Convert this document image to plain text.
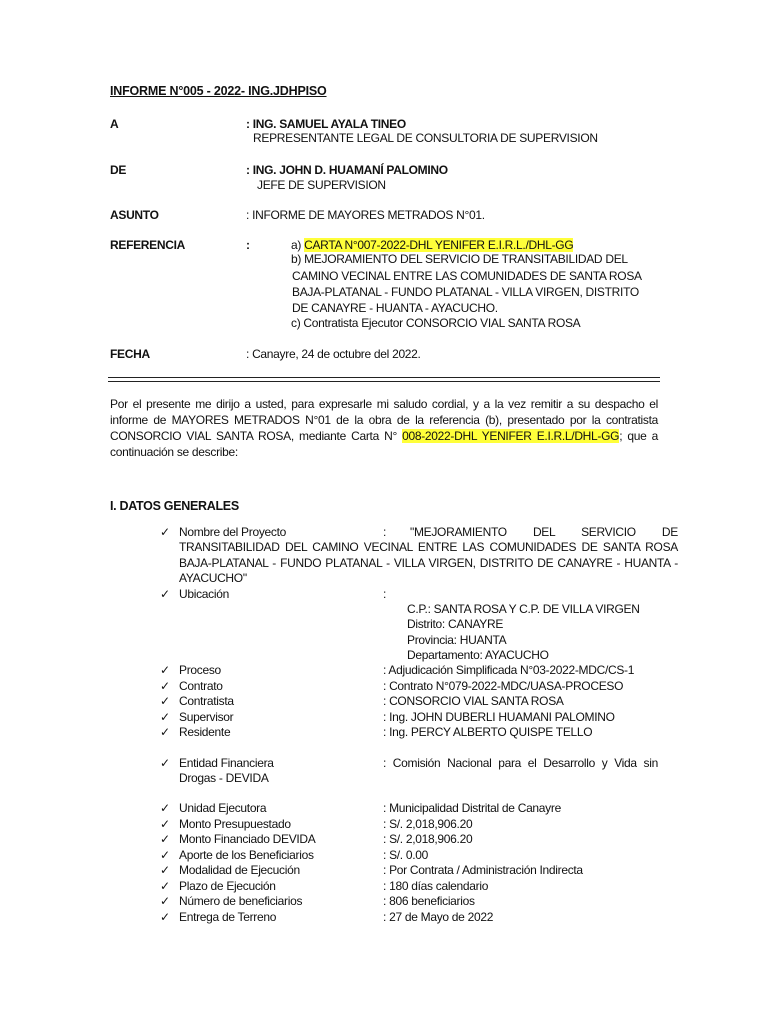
INFORME N°005 - 2022- ING.JDHPISO
A	: ING. SAMUEL AYALA TINEO
REPRESENTANTE LEGAL DE CONSULTORIA DE SUPERVISION
DE	: ING. JOHN D. HUAMANÍ PALOMINO
JEFE DE SUPERVISION
ASUNTO	: INFORME DE MAYORES METRADOS N°01.
REFERENCIA	:	a) CARTA N°007-2022-DHL YENIFER E.I.R.L./DHL-GG
b) MEJORAMIENTO DEL SERVICIO DE TRANSITABILIDAD DEL
CAMINO VECINAL ENTRE LAS COMUNIDADES DE SANTA ROSA
BAJA-PLATANAL - FUNDO PLATANAL - VILLA VIRGEN, DISTRITO
DE CANAYRE - HUANTA - AYACUCHO.
c) Contratista Ejecutor CONSORCIO VIAL SANTA ROSA
FECHA	: Canayre, 24 de octubre del 2022.
Por el presente me dirijo a usted, para expresarle mi saludo cordial, y a la vez remitir a su despacho el
informe de MAYORES METRADOS N°01 de la obra de la referencia (b), presentado por la contratista
CONSORCIO VIAL SANTA ROSA, mediante Carta N° 008-2022-DHL YENIFER E.I.R.L/DHL-GG; que a
continuación se describe:
I. DATOS GENERALES
✓ Nombre del Proyecto	: "MEJORAMIENTO DEL SERVICIO DE
TRANSITABILIDAD DEL CAMINO VECINAL ENTRE LAS COMUNIDADES DE SANTA ROSA
BAJA-PLATANAL - FUNDO PLATANAL - VILLA VIRGEN, DISTRITO DE CANAYRE - HUANTA -
AYACUCHO"
✓ Ubicación	:
C.P.: SANTA ROSA Y C.P. DE VILLA VIRGEN
Distrito: CANAYRE
Provincia: HUANTA
Departamento: AYACUCHO
✓ Proceso	: Adjudicación Simplificada N°03-2022-MDC/CS-1
✓ Contrato	: Contrato N°079-2022-MDC/UASA-PROCESO
✓ Contratista	: CONSORCIO VIAL SANTA ROSA
✓ Supervisor	: Ing. JOHN DUBERLI HUAMANI PALOMINO
✓ Residente	: Ing. PERCY ALBERTO QUISPE TELLO
✓ Entidad Financiera	: Comisión Nacional para el Desarrollo y Vida sin
Drogas - DEVIDA
✓ Unidad Ejecutora	: Municipalidad Distrital de Canayre
✓ Monto Presupuestado	: S/. 2,018,906.20
✓ Monto Financiado DEVIDA	: S/. 2,018,906.20
✓ Aporte de los Beneficiarios	: S/. 0.00
✓ Modalidad de Ejecución	: Por Contrata / Administración Indirecta
✓ Plazo de Ejecución	: 180 días calendario
✓ Número de beneficiarios	: 806 beneficiarios
✓ Entrega de Terreno	: 27 de Mayo de 2022
